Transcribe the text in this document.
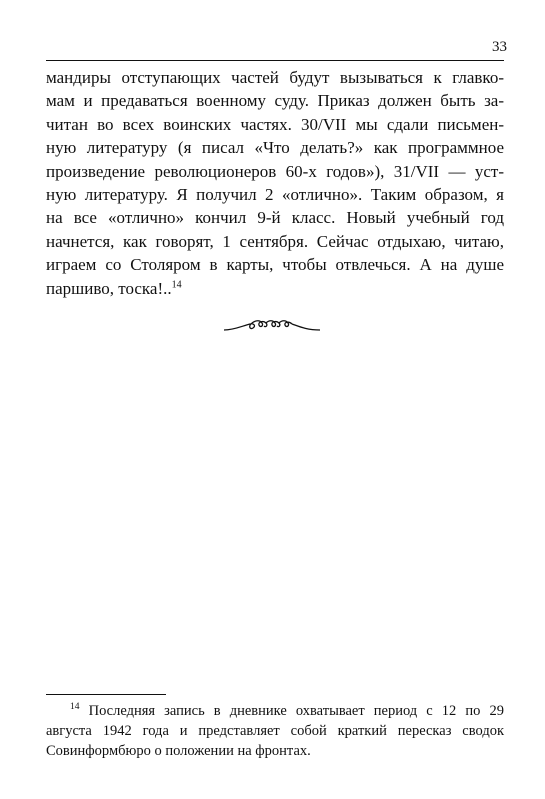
33
мандиры отступающих частей будут вызываться к главко-
мам и предаваться военному суду. Приказ должен быть за-
читан во всех воинских частях. 30/VII мы сдали письмен-
ную литературу (я писал «Что делать?» как программное
произведение революционеров 60-х годов»), 31/VII — уст-
ную литературу. Я получил 2 «отлично». Таким образом, я
на все «отлично» кончил 9-й класс. Новый учебный год
начнется, как говорят, 1 сентября. Сейчас отдыхаю, читаю,
играем со Столяром в карты, чтобы отвлечься. А на душе
паршиво, тоска!..$^{14}$
$^{14}$ Последняя запись в дневнике охватывает период с 12 по 29
августа 1942 года и представляет собой краткий пересказ сводок
Совинформбюро о положении на фронтах.
